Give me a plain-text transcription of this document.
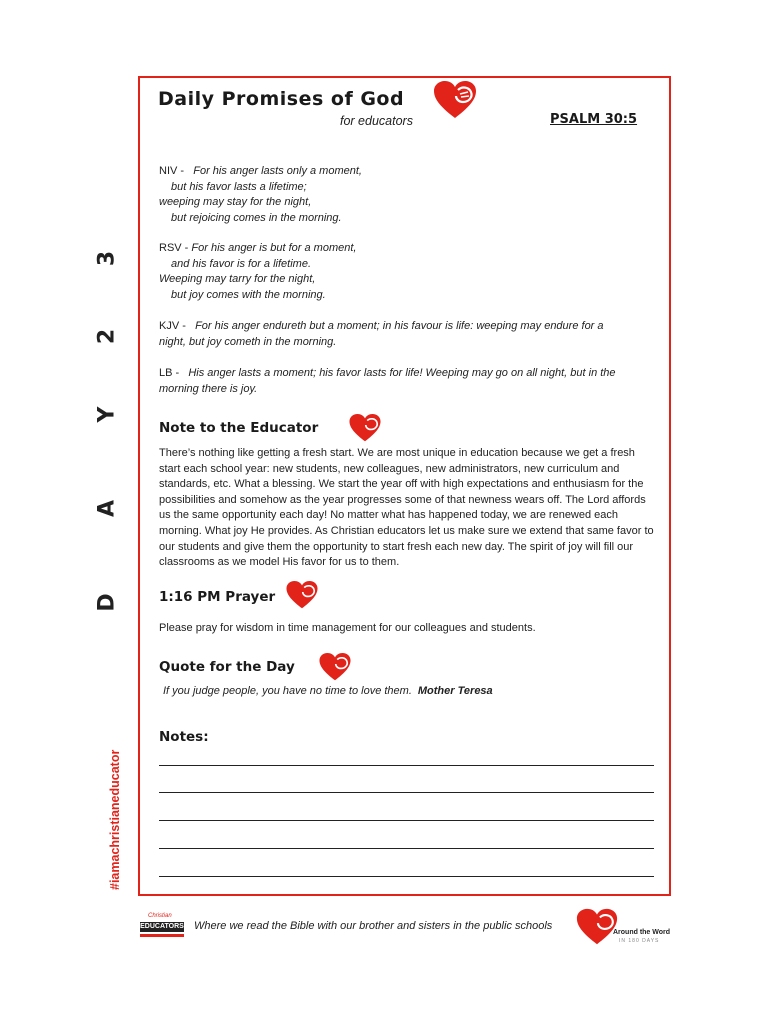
3
2
Y
A
D
#iamachristianeducator
Daily Promises of God
for educators	PSALM 30:5
NIV - For his anger lasts only a moment,
but his favor lasts a lifetime;
weeping may stay for the night,
but rejoicing comes in the morning.
RSV - For his anger is but for a moment,
and his favor is for a lifetime.
Weeping may tarry for the night,
but joy comes with the morning.
KJV - For his anger endureth but a moment; in his favour is life: weeping may endure for a night, but joy cometh in the morning.
LB - His anger lasts a moment; his favor lasts for life! Weeping may go on all night, but in the morning there is joy.
Note to the Educator
There’s nothing like getting a fresh start. We are most unique in education because we get a fresh start each school year: new students, new colleagues, new administrators, new curriculum and standards, etc. What a blessing. We start the year off with high expectations and enthusiasm for the possibilities and somehow as the year progresses some of that newness wears off. The Lord affords us the same opportunity each day! No matter what has happened today, we are renewed each morning. What joy He provides. As Christian educators let us make sure we extend that same favor to our students and give them the opportunity to start fresh each new day. The spirit of joy will fill our classrooms as we model His favor for us to them.
1:16 PM Prayer
Please pray for wisdom in time management for our colleagues and students.
Quote for the Day
If you judge people, you have no time to love them. Mother Teresa
Notes:
Christian
EDUCATORS Where we read the Bible with our brother and sisters in the public schools
Around the Word
IN 180 DAYS
